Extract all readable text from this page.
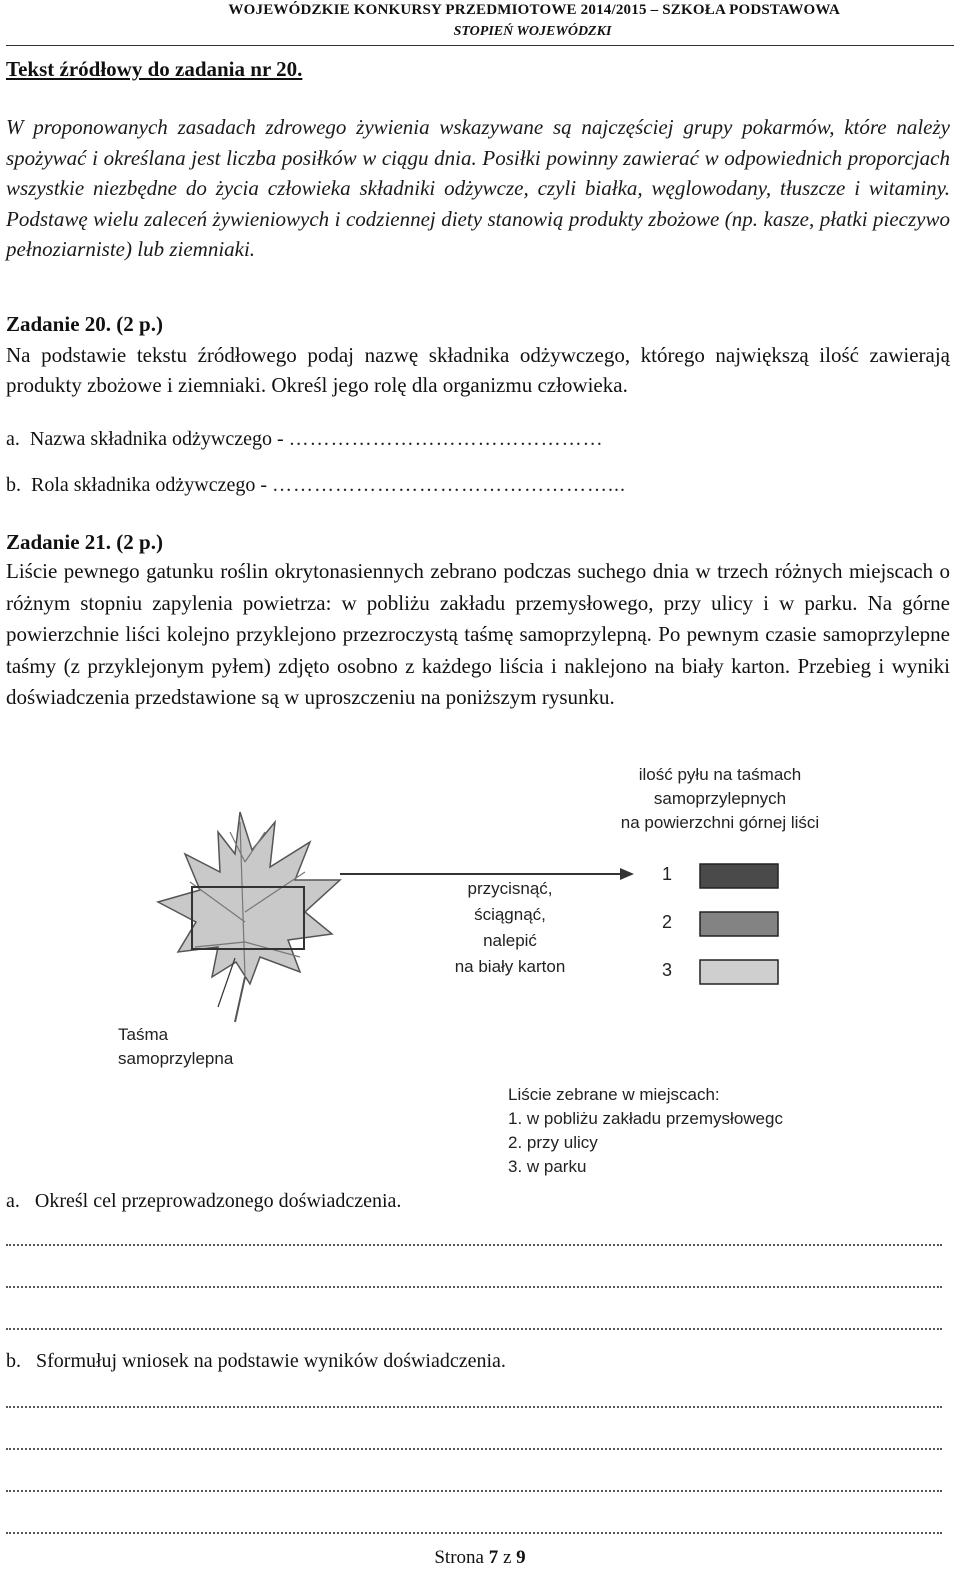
WOJEWÓDZKIE KONKURSY PRZEDMIOTOWE 2014/2015 – SZKOŁA PODSTAWOWA
STOPIEŃ WOJEWÓDZKI
Tekst źródłowy do zadania nr 20.
W proponowanych zasadach zdrowego żywienia wskazywane są najczęściej grupy pokarmów, które należy spożywać i określana jest liczba posiłków w ciągu dnia. Posiłki powinny zawierać w odpowiednich proporcjach wszystkie niezbędne do życia człowieka składniki odżywcze, czyli białka, węglowodany, tłuszcze i witaminy. Podstawę wielu zaleceń żywieniowych i codziennej diety stanowią produkty zbożowe (np. kasze, płatki pieczywo pełnoziarniste) lub ziemniaki.
Zadanie 20. (2 p.)
Na podstawie tekstu źródłowego podaj nazwę składnika odżywczego, którego największą ilość zawierają produkty zbożowe i ziemniaki. Określ jego rolę dla organizmu człowieka.
a. Nazwa składnika odżywczego - ………………………………………
b. Rola składnika odżywczego - …………………………………………...
Zadanie 21. (2 p.)
Liście pewnego gatunku roślin okrytonasiennych zebrano podczas suchego dnia w trzech różnych miejscach o różnym stopniu zapylenia powietrza: w pobliżu zakładu przemysłowego, przy ulicy i w parku. Na górne powierzchnie liści kolejno przyklejono przezroczystą taśmę samoprzylepną. Po pewnym czasie samoprzylepne taśmy (z przyklejonym pyłem) zdjęto osobno z każdego liścia i naklejono na biały karton. Przebieg i wyniki doświadczenia przedstawione są w uproszczeniu na poniższym rysunku.
ilość pyłu na taśmach
samoprzylepnych
na powierzchni górnej liści
przycisnąć,
ściągnąć,
nalepić
na biały karton
Taśma
samoprzylepna
Liście zebrane w miejscach:
1. w pobliżu zakładu przemysłowegc
2. przy ulicy
3. w parku
1
2
3
a. Określ cel przeprowadzonego doświadczenia.
b. Sformułuj wniosek na podstawie wyników doświadczenia.
Strona 7 z 9
